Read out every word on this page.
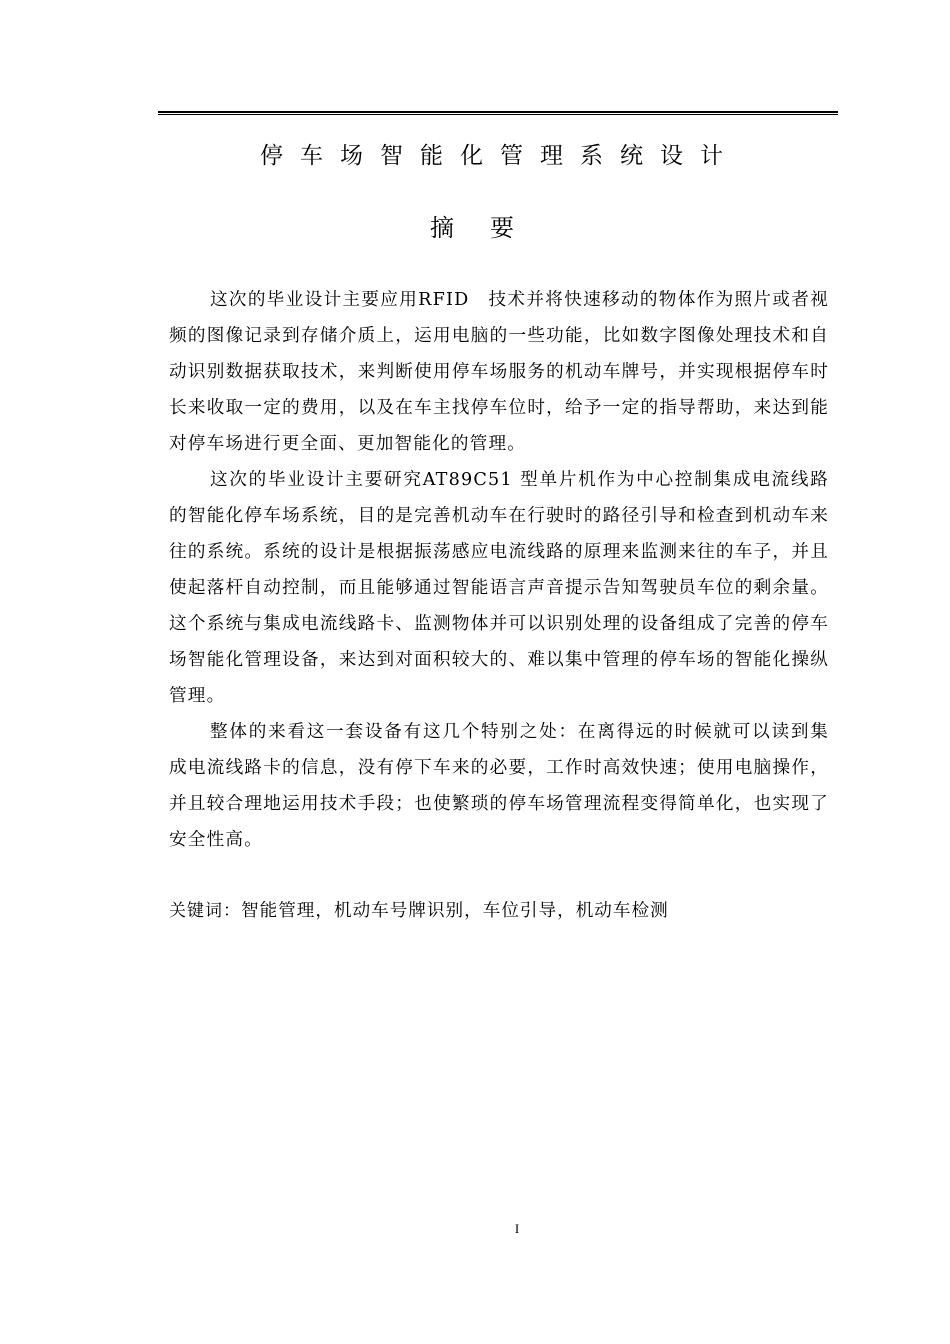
停车场智能化管理系统设计
摘要

这次的毕业设计主要应用RFID　技术并将快速移动的物体作为照片或者视频的图像记录到存储介质上，运用电脑的一些功能，比如数字图像处理技术和自动识别数据获取技术，来判断使用停车场服务的机动车牌号，并实现根据停车时长来收取一定的费用，以及在车主找停车位时，给予一定的指导帮助，来达到能对停车场进行更全面、更加智能化的管理。

这次的毕业设计主要研究AT89C51 型单片机作为中心控制集成电流线路的智能化停车场系统，目的是完善机动车在行驶时的路径引导和检查到机动车来往的系统。系统的设计是根据振荡感应电流线路的原理来监测来往的车子，并且使起落杆自动控制，而且能够通过智能语言声音提示告知驾驶员车位的剩余量。这个系统与集成电流线路卡、监测物体并可以识别处理的设备组成了完善的停车场智能化管理设备，来达到对面积较大的、难以集中管理的停车场的智能化操纵管理。

整体的来看这一套设备有这几个特别之处：在离得远的时候就可以读到集成电流线路卡的信息，没有停下车来的必要，工作时高效快速；使用电脑操作，并且较合理地运用技术手段；也使繁琐的停车场管理流程变得简单化，也实现了安全性高。

关键词：智能管理，机动车号牌识别，车位引导，机动车检测

I
